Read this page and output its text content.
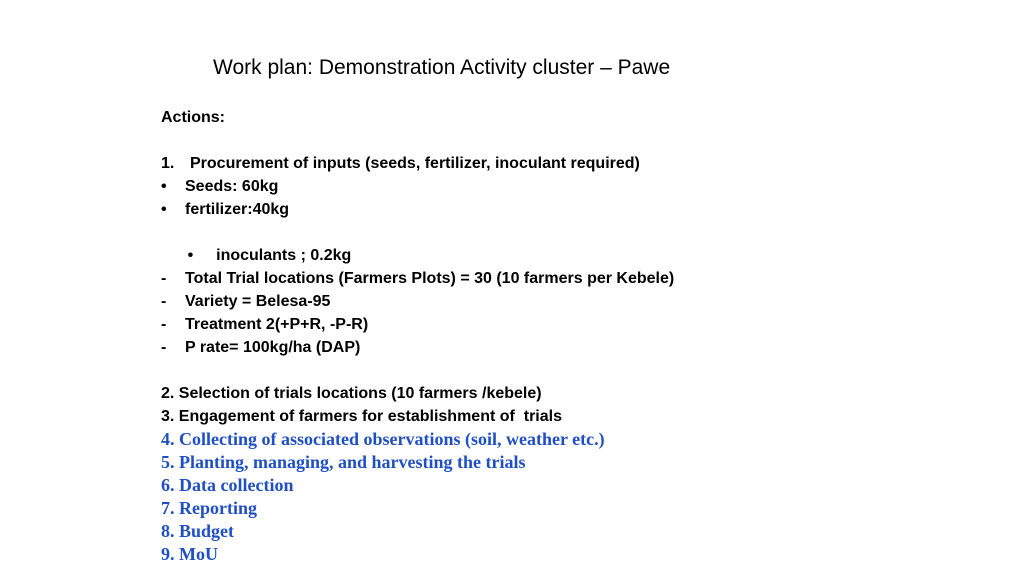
Work plan: Demonstration Activity cluster – Pawe
Actions:
1. Procurement of inputs (seeds, fertilizer, inoculant required)
• Seeds: 60kg
• fertilizer:40kg

• inoculants ; 0.2kg

- Total Trial locations (Farmers Plots) = 30 (10 farmers per Kebele)
- Variety = Belesa-95
- Treatment 2(+P+R, -P-R)
- P rate= 100kg/ha (DAP)
2. Selection of trials locations (10 farmers /kebele)
3. Engagement of farmers for establishment of  trials
4. Collecting of associated observations (soil, weather etc.)
5. Planting, managing, and harvesting the trials
6. Data collection
7. Reporting
8. Budget
9. MoU
